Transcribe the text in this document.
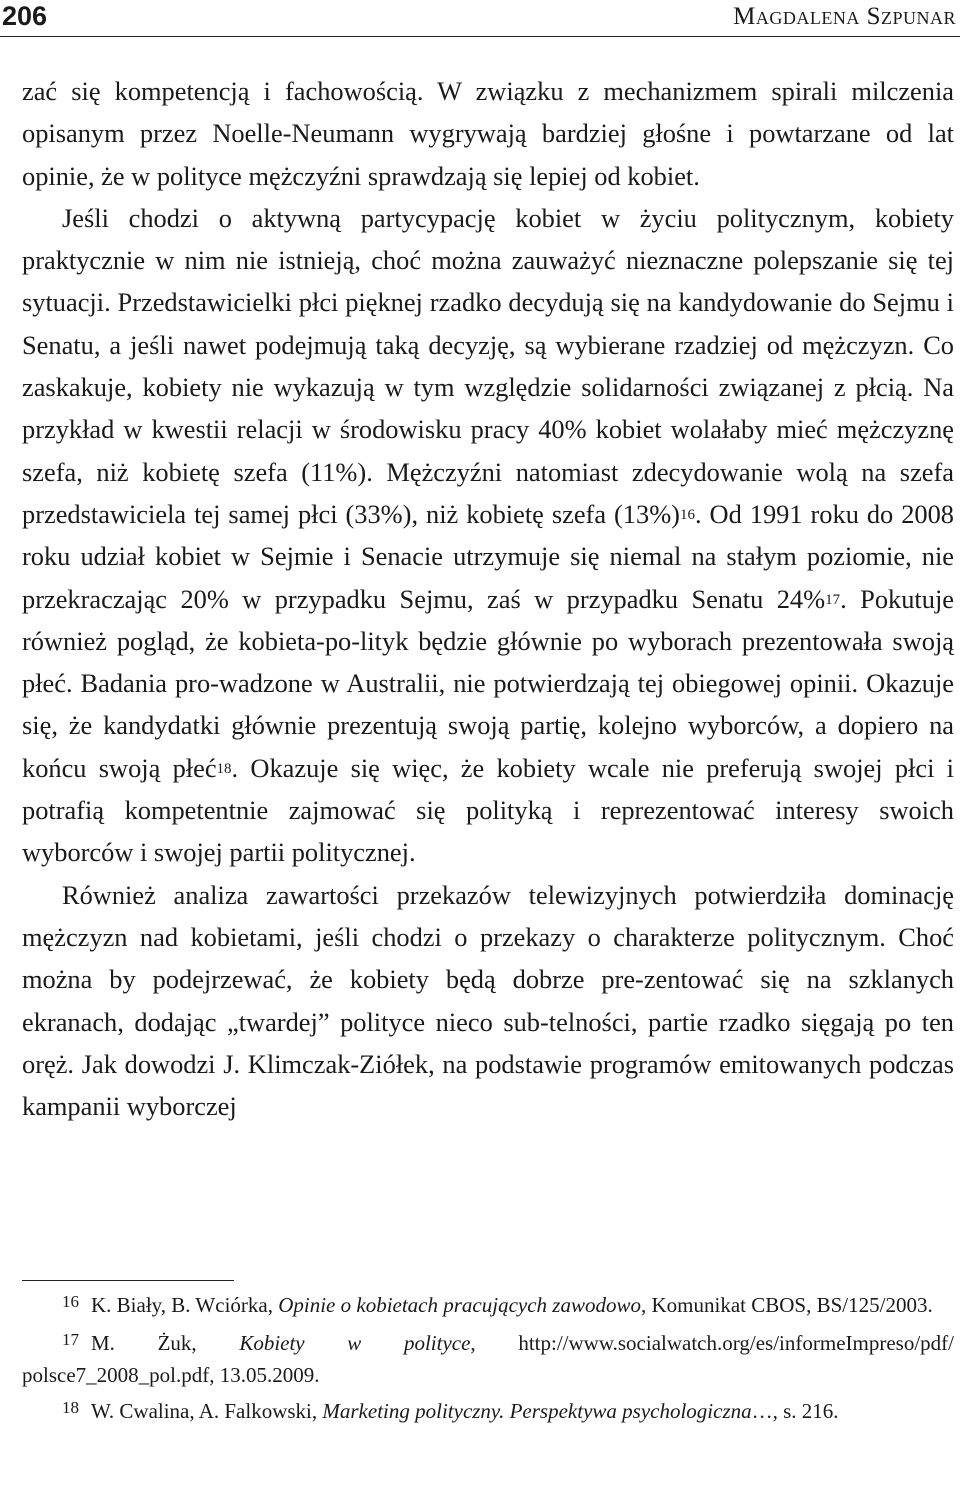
206	Magdalena Szpunar

zać się kompetencją i fachowością. W związku z mechanizmem spirali milczenia opisanym przez Noelle-Neumann wygrywają bardziej głośne i powtarzane od lat opinie, że w polityce mężczyźni sprawdzają się lepiej od kobiet.

Jeśli chodzi o aktywną partycypację kobiet w życiu politycznym, kobiety praktycznie w nim nie istnieją, choć można zauważyć nieznaczne polepszanie się tej sytuacji. Przedstawicielki płci pięknej rzadko decydują się na kandydowanie do Sejmu i Senatu, a jeśli nawet podejmują taką decyzję, są wybierane rzadziej od mężczyzn. Co zaskakuje, kobiety nie wykazują w tym względzie solidarności związanej z płcią. Na przykład w kwestii relacji w środowisku pracy 40% kobiet wolałaby mieć mężczyznę szefa, niż kobietę szefa (11%). Mężczyźni natomiast zdecydowanie wolą na szefa przedstawiciela tej samej płci (33%), niż kobietę szefa $(13\%)^{16}$. Od 1991 roku do 2008 roku udział kobiet w Sejmie i Senacie utrzymuje się niemal na stałym poziomie, nie przekraczając 20% w przypadku Sejmu, zaś w przypadku Senatu 24%$^{17}$. Pokutuje również pogląd, że kobieta-po-lityk będzie głównie po wyborach prezentowała swoją płeć. Badania pro-wadzone w Australii, nie potwierdzają tej obiegowej opinii. Okazuje się, że kandydatki głównie prezentują swoją partię, kolejno wyborców, a dopiero na końcu swoją płeć$^{18}$. Okazuje się więc, że kobiety wcale nie preferują swojej płci i potrafią kompetentnie zajmować się polityką i reprezentować interesy swoich wyborców i swojej partii politycznej.

Również analiza zawartości przekazów telewizyjnych potwierdziła dominację mężczyzn nad kobietami, jeśli chodzi o przekazy o charakterze politycznym. Choć można by podejrzewać, że kobiety będą dobrze pre-zentować się na szklanych ekranach, dodając „twardej” polityce nieco sub-telności, partie rzadko sięgają po ten oręż. Jak dowodzi J. Klimczak-Ziółek, na podstawie programów emitowanych podczas kampanii wyborczej

$^{16}$ K. Biały, B. Wciórka, Opinie o kobietach pracujących zawodowo, Komunikat CBOS, BS/125/2003.

$^{17}$ M. Żuk, Kobiety w polityce, http://www.socialwatch.org/es/informeImpreso/pdf/ polsce7_2008_pol.pdf, 13.05.2009.

$^{18}$ W. Cwalina, A. Falkowski, Marketing polityczny. Perspektywa psychologiczna…, s. 216.
